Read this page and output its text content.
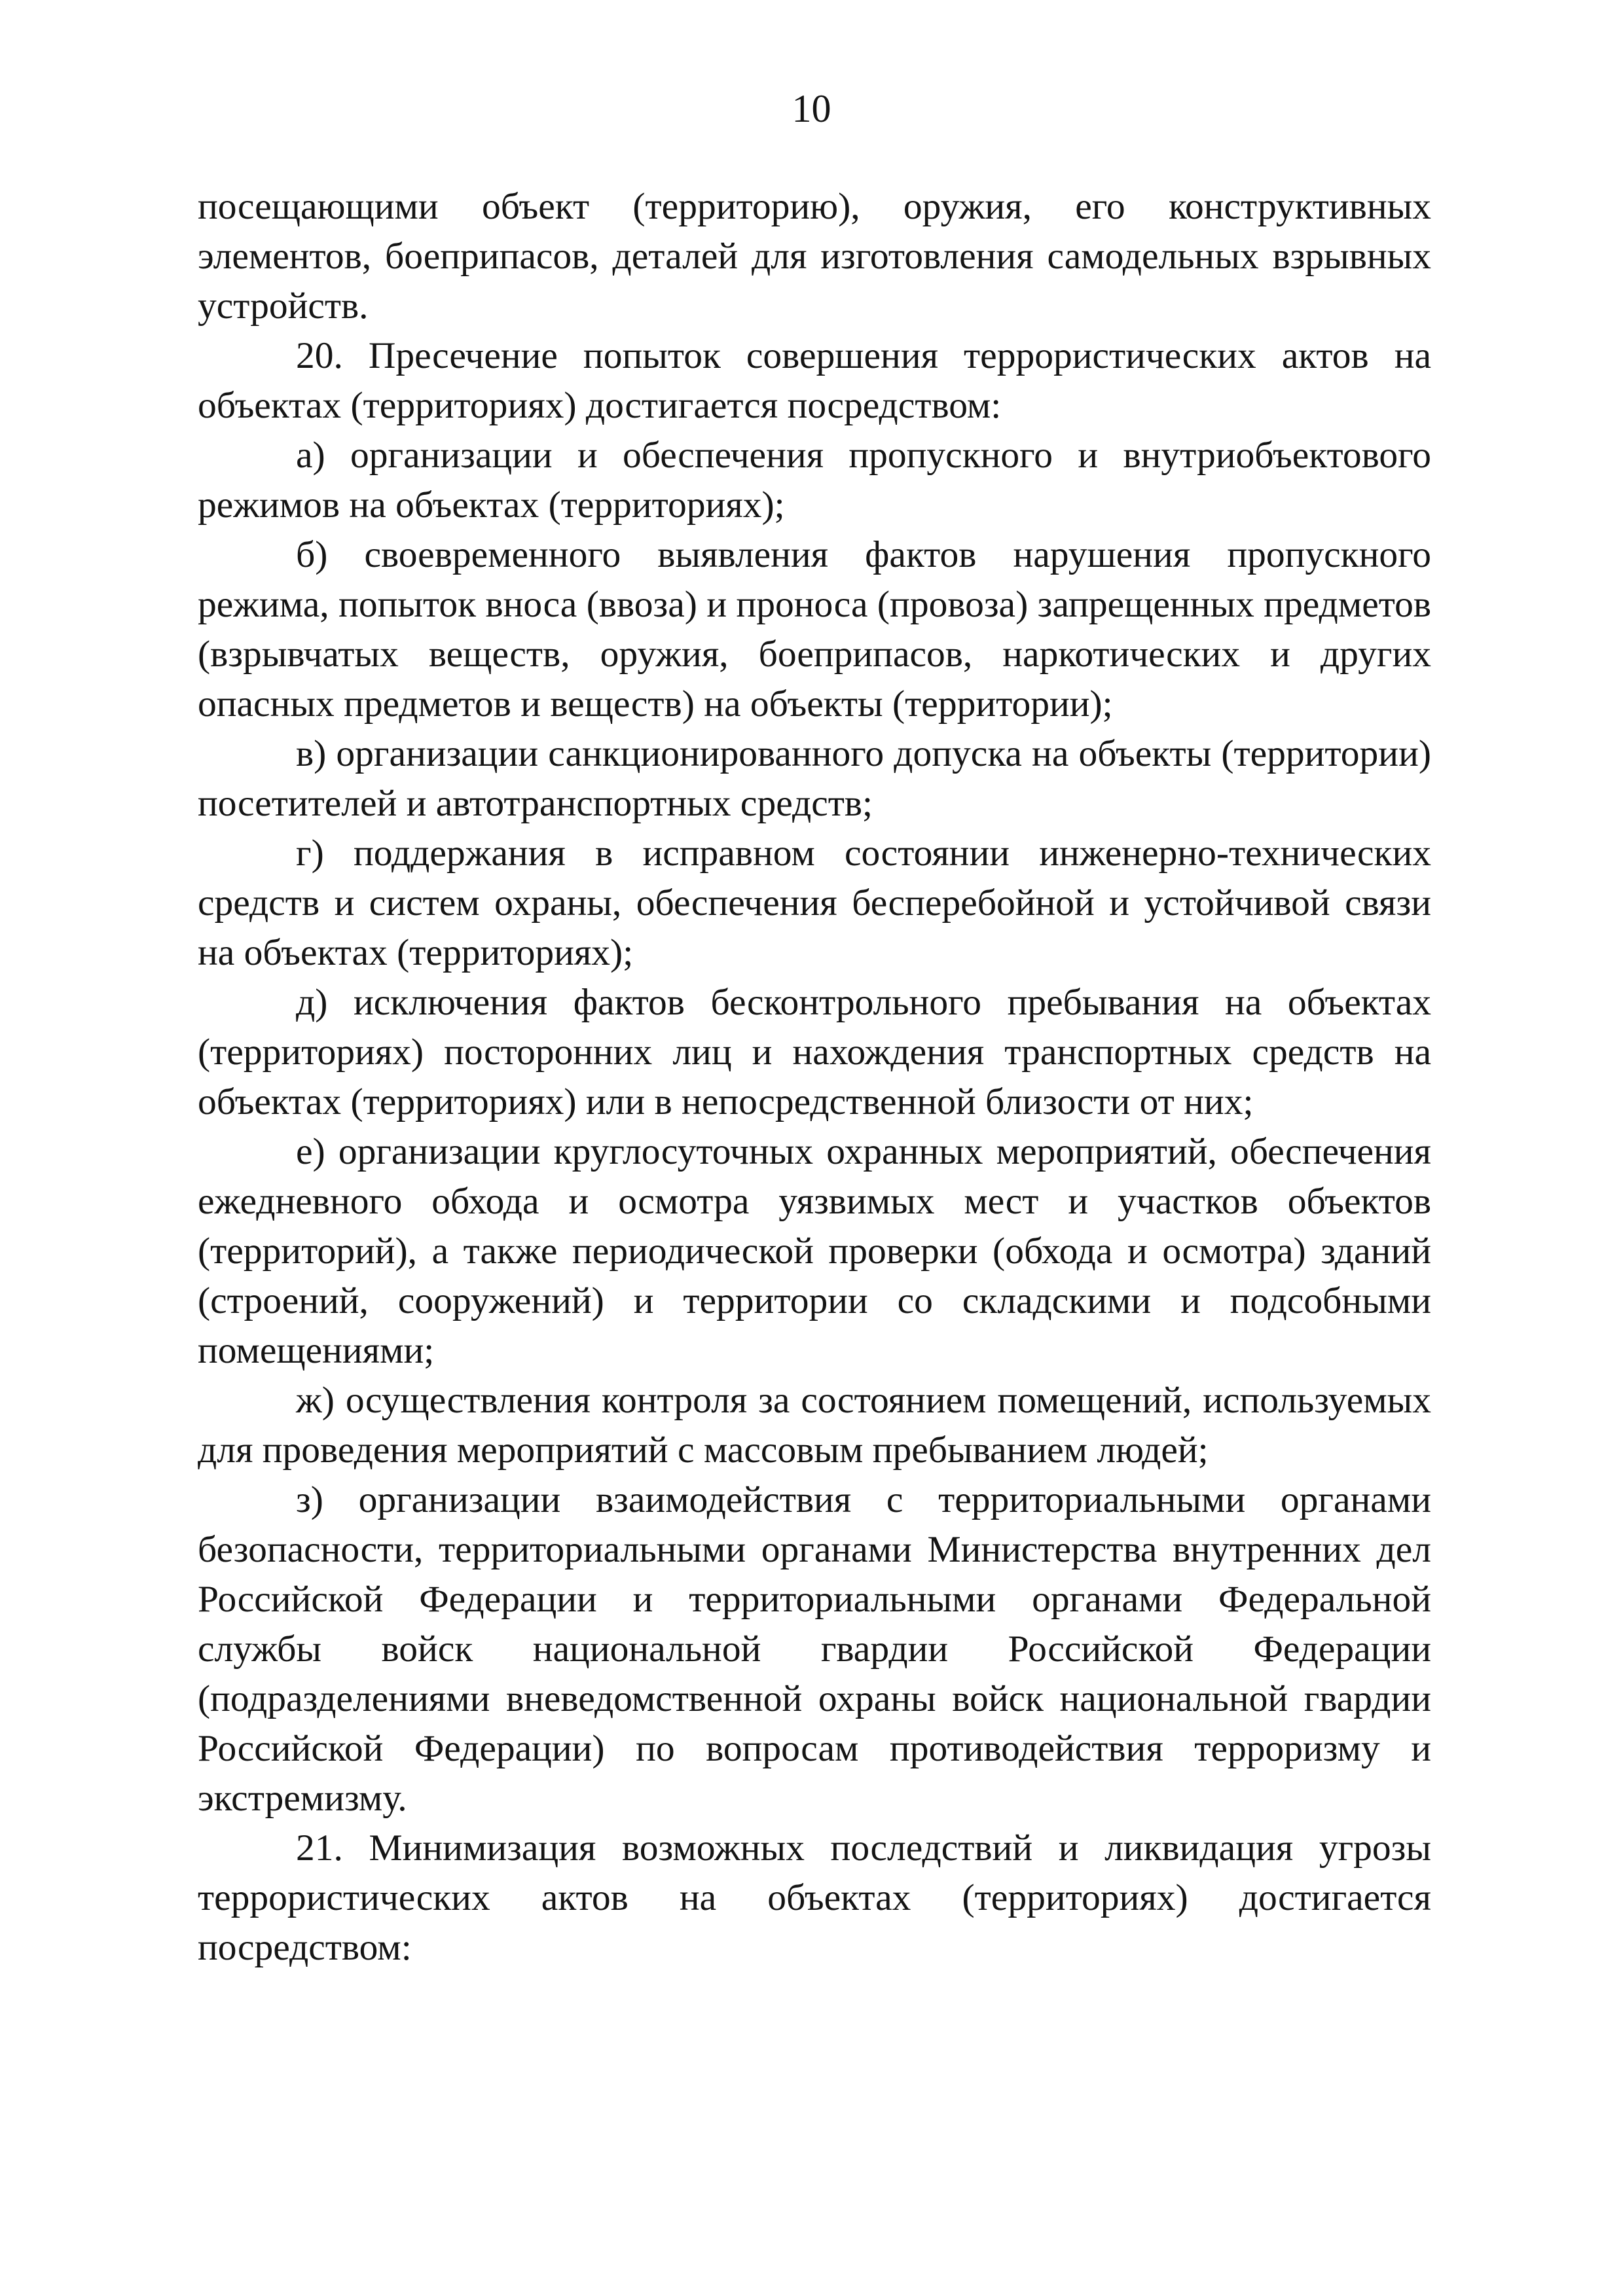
10

посещающими объект (территорию), оружия, его конструктивных элементов, боеприпасов, деталей для изготовления самодельных взрывных устройств.

20. Пресечение попыток совершения террористических актов на объектах (территориях) достигается посредством:

а) организации и обеспечения пропускного и внутриобъектового режимов на объектах (территориях);

б) своевременного выявления фактов нарушения пропускного режима, попыток вноса (ввоза) и проноса (провоза) запрещенных предметов (взрывчатых веществ, оружия, боеприпасов, наркотических и других опасных предметов и веществ) на объекты (территории);

в) организации санкционированного допуска на объекты (территории) посетителей и автотранспортных средств;

г) поддержания в исправном состоянии инженерно-технических средств и систем охраны, обеспечения бесперебойной и устойчивой связи на объектах (территориях);

д) исключения фактов бесконтрольного пребывания на объектах (территориях) посторонних лиц и нахождения транспортных средств на объектах (территориях) или в непосредственной близости от них;

е) организации круглосуточных охранных мероприятий, обеспечения ежедневного обхода и осмотра уязвимых мест и участков объектов (территорий), а также периодической проверки (обхода и осмотра) зданий (строений, сооружений) и территории со складскими и подсобными помещениями;

ж) осуществления контроля за состоянием помещений, используемых для проведения мероприятий с массовым пребыванием людей;

з) организации взаимодействия с территориальными органами безопасности, территориальными органами Министерства внутренних дел Российской Федерации и территориальными органами Федеральной службы войск национальной гвардии Российской Федерации (подразделениями вневедомственной охраны войск национальной гвардии Российской Федерации) по вопросам противодействия терроризму и экстремизму.

21. Минимизация возможных последствий и ликвидация угрозы террористических актов на объектах (территориях) достигается посредством:
